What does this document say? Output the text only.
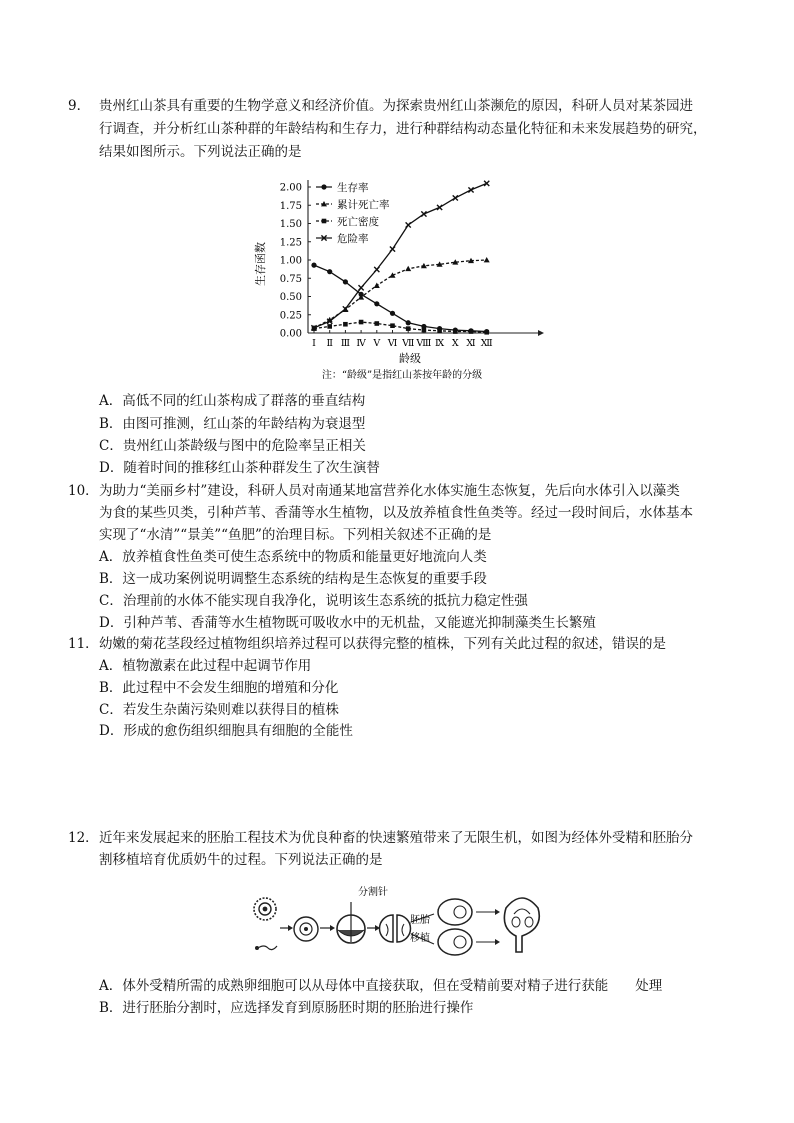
9． 贵州红山茶具有重要的生物学意义和经济价值。为探索贵州红山茶濒危的原因，科研人员对某茶园进
行调查，并分析红山茶种群的年龄结构和生存力，进行种群结构动态量化特征和未来发展趋势的研究，
结果如图所示。下列说法正确的是
0.00
0.25
0.50
0.75
1.00
1.25
1.50
1.75
2.00
Ⅰ Ⅱ Ⅲ Ⅳ Ⅴ Ⅵ Ⅶ Ⅷ Ⅸ Ⅹ Ⅺ Ⅻ
生存率
累计死亡率
死亡密度
危险率
龄级
注：“龄级”是指红山茶按年龄的分级
生存函数
A．高低不同的红山茶构成了群落的垂直结构
B．由图可推测，红山茶的年龄结构为衰退型
C．贵州红山茶龄级与图中的危险率呈正相关
D．随着时间的推移红山茶种群发生了次生演替
10． 为助力“美丽乡村”建设，科研人员对南通某地富营养化水体实施生态恢复，先后向水体引入以藻类
为食的某些贝类，引种芦苇、香蒲等水生植物，以及放养植食性鱼类等。经过一段时间后，水体基本
实现了“水清”“景美”“鱼肥”的治理目标。下列相关叙述不正确的是
A．放养植食性鱼类可使生态系统中的物质和能量更好地流向人类
B．这一成功案例说明调整生态系统的结构是生态恢复的重要手段
C．治理前的水体不能实现自我净化，说明该生态系统的抵抗力稳定性强
D．引种芦苇、香蒲等水生植物既可吸收水中的无机盐，又能遮光抑制藻类生长繁殖
11． 幼嫩的菊花茎段经过植物组织培养过程可以获得完整的植株，下列有关此过程的叙述，错误的是
A．植物激素在此过程中起调节作用
B．此过程中不会发生细胞的增殖和分化
C．若发生杂菌污染则难以获得目的植株
D．形成的愈伤组织细胞具有细胞的全能性
12． 近年来发展起来的胚胎工程技术为优良种畜的快速繁殖带来了无限生机，如图为经体外受精和胚胎分
割移植培育优质奶牛的过程。下列说法正确的是
分割针
胚胎
移植
A．体外受精所需的成熟卵细胞可以从母体中直接获取，但在受精前要对精子进行获能　　处理
B．进行胚胎分割时，应选择发育到原肠胚时期的胚胎进行操作
